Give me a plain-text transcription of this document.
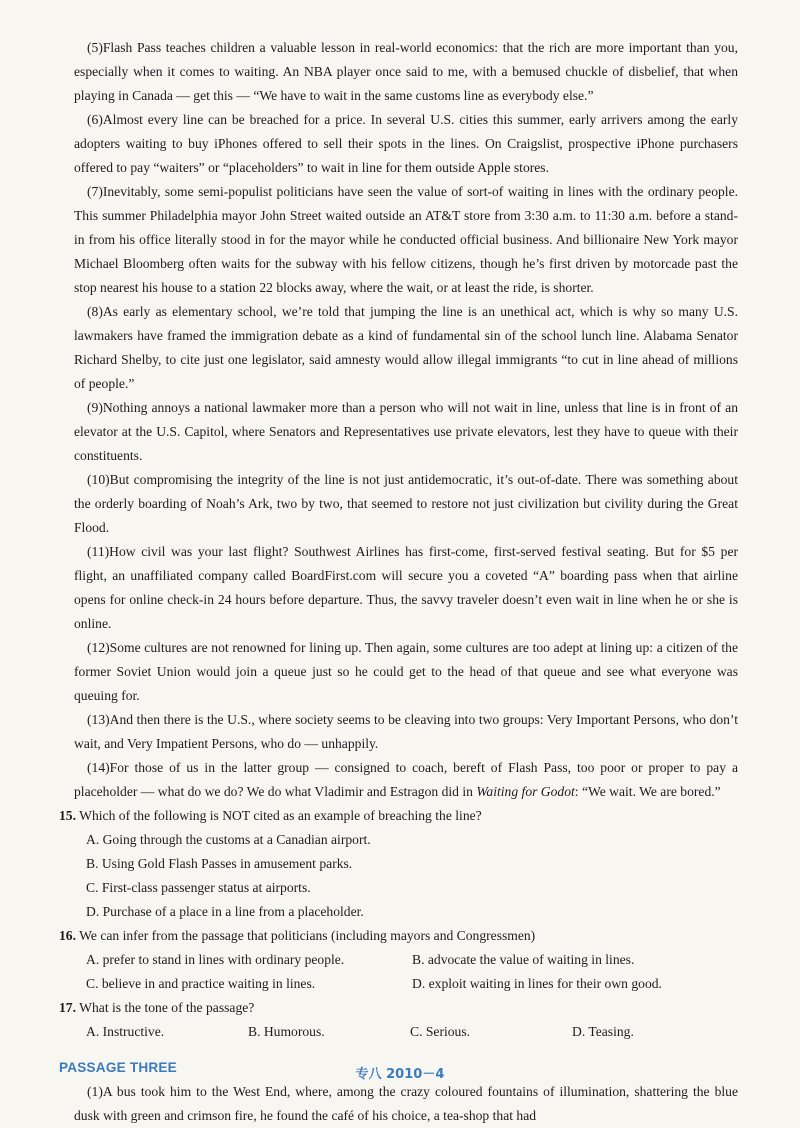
(5)Flash Pass teaches children a valuable lesson in real-world economics: that the rich are more important than you, especially when it comes to waiting. An NBA player once said to me, with a bemused chuckle of disbelief, that when playing in Canada — get this — “We have to wait in the same customs line as everybody else.”

(6)Almost every line can be breached for a price. In several U.S. cities this summer, early arrivers among the early adopters waiting to buy iPhones offered to sell their spots in the lines. On Craigslist, prospective iPhone purchasers offered to pay “waiters” or “placeholders” to wait in line for them outside Apple stores.

(7)Inevitably, some semi-populist politicians have seen the value of sort-of waiting in lines with the ordinary people. This summer Philadelphia mayor John Street waited outside an AT&T store from 3:30 a.m. to 11:30 a.m. before a stand-in from his office literally stood in for the mayor while he conducted official business. And billionaire New York mayor Michael Bloomberg often waits for the subway with his fellow citizens, though he’s first driven by motorcade past the stop nearest his house to a station 22 blocks away, where the wait, or at least the ride, is shorter.

(8)As early as elementary school, we’re told that jumping the line is an unethical act, which is why so many U.S. lawmakers have framed the immigration debate as a kind of fundamental sin of the school lunch line. Alabama Senator Richard Shelby, to cite just one legislator, said amnesty would allow illegal immigrants “to cut in line ahead of millions of people.”

(9)Nothing annoys a national lawmaker more than a person who will not wait in line, unless that line is in front of an elevator at the U.S. Capitol, where Senators and Representatives use private elevators, lest they have to queue with their constituents.

(10)But compromising the integrity of the line is not just antidemocratic, it’s out-of-date. There was something about the orderly boarding of Noah’s Ark, two by two, that seemed to restore not just civilization but civility during the Great Flood.

(11)How civil was your last flight? Southwest Airlines has first-come, first-served festival seating. But for $5 per flight, an unaffiliated company called BoardFirst.com will secure you a coveted “A” boarding pass when that airline opens for online check-in 24 hours before departure. Thus, the savvy traveler doesn’t even wait in line when he or she is online.

(12)Some cultures are not renowned for lining up. Then again, some cultures are too adept at lining up: a citizen of the former Soviet Union would join a queue just so he could get to the head of that queue and see what everyone was queuing for.

(13)And then there is the U.S., where society seems to be cleaving into two groups: Very Important Persons, who don’t wait, and Very Impatient Persons, who do — unhappily.

(14)For those of us in the latter group — consigned to coach, bereft of Flash Pass, too poor or proper to pay a placeholder — what do we do? We do what Vladimir and Estragon did in Waiting for Godot: “We wait. We are bored.”

15. Which of the following is NOT cited as an example of breaching the line?

A. Going through the customs at a Canadian airport.

B. Using Gold Flash Passes in amusement parks.

C. First-class passenger status at airports.

D. Purchase of a place in a line from a placeholder.

16. We can infer from the passage that politicians (including mayors and Congressmen)

A. prefer to stand in lines with ordinary people.	B. advocate the value of waiting in lines.
C. believe in and practice waiting in lines.	D. exploit waiting in lines for their own good.

17. What is the tone of the passage?

A. Instructive.	B. Humorous.	C. Serious.	D. Teasing.

PASSAGE THREE

(1)A bus took him to the West End, where, among the crazy coloured fountains of illumination, shattering the blue dusk with green and crimson fire, he found the café of his choice, a tea-shop that had

专八 2010－4
